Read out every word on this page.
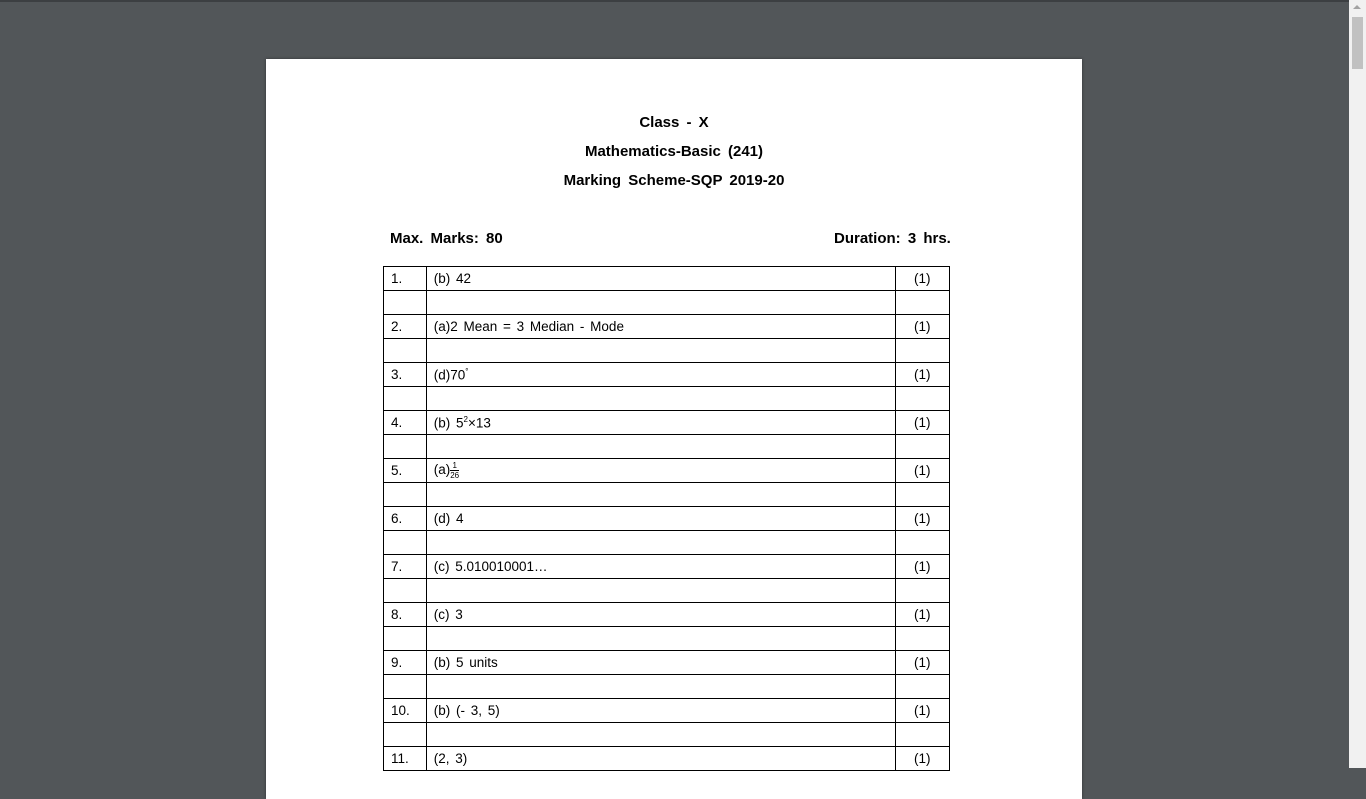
Class - X
Mathematics-Basic (241)
Marking Scheme-SQP 2019-20
Max. Marks: 80	Duration: 3 hrs.
1.	(b) 42	(1)

2.	(a)2 Mean = 3 Median - Mode	(1)

3.	(d)70°	(1)

4.	(b) $5^2\times 13$	(1)

5.	$(a) \frac{1}{26}$	(1)

6.	(d) 4	(1)

7.	(c) 5.010010001…	(1)

8.	(c) 3	(1)

9.	(b) 5 units	(1)

10.	(b) (- 3, 5)	(1)

11.	(2, 3)	(1)
